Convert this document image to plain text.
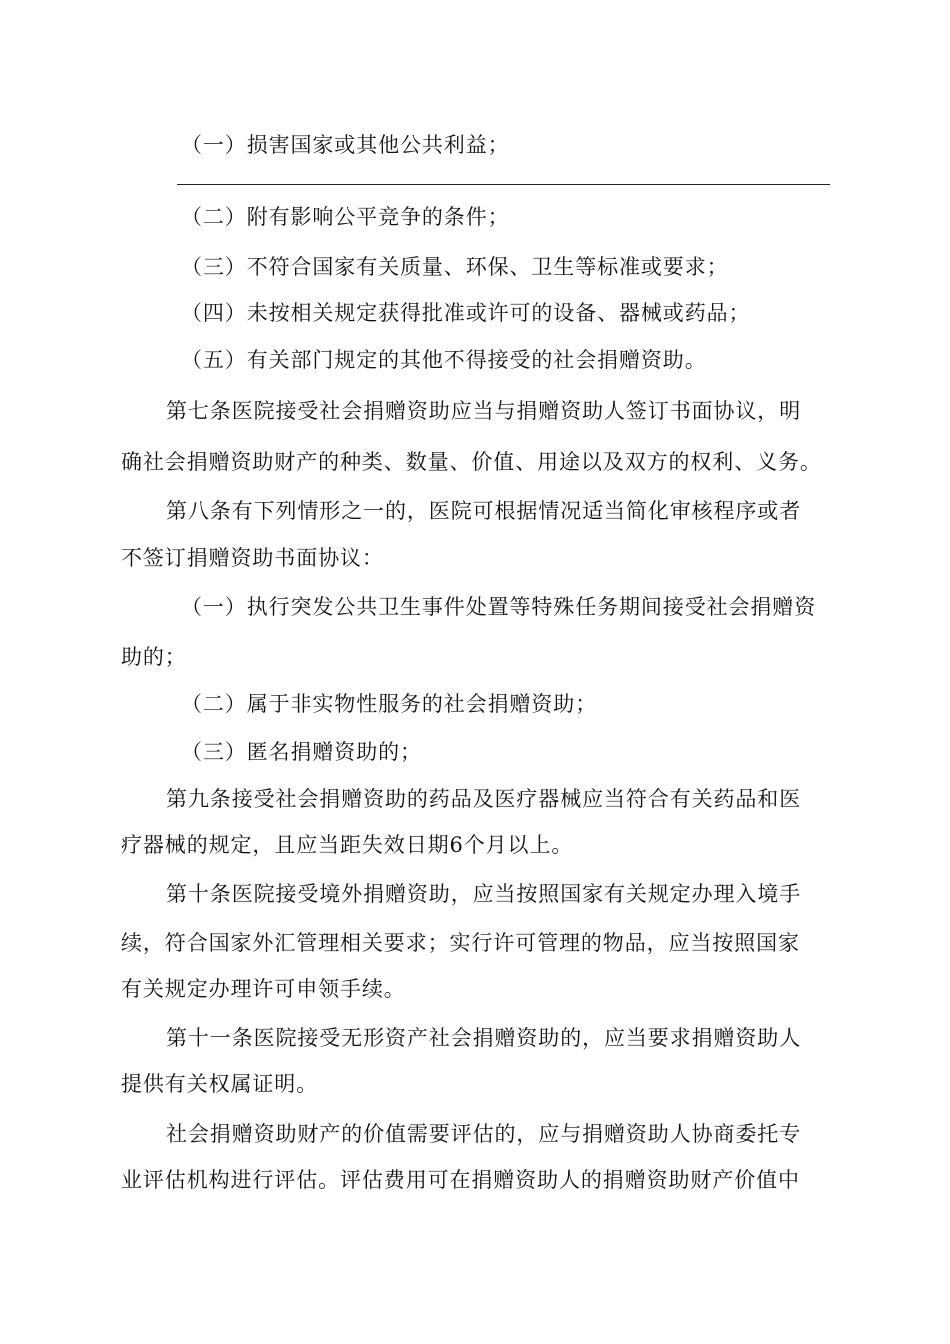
（一）损害国家或其他公共利益；
（二）附有影响公平竞争的条件；
（三）不符合国家有关质量、环保、卫生等标准或要求；
（四）未按相关规定获得批准或许可的设备、器械或药品；
（五）有关部门规定的其他不得接受的社会捐赠资助。
第七条医院接受社会捐赠资助应当与捐赠资助人签订书面协议，明
确社会捐赠资助财产的种类、数量、价值、用途以及双方的权利、义务。
第八条有下列情形之一的，医院可根据情况适当简化审核程序或者
不签订捐赠资助书面协议：
（一）执行突发公共卫生事件处置等特殊任务期间接受社会捐赠资
助的；
（二）属于非实物性服务的社会捐赠资助；
（三）匿名捐赠资助的；
第九条接受社会捐赠资助的药品及医疗器械应当符合有关药品和医
疗器械的规定，且应当距失效日期6个月以上。
第十条医院接受境外捐赠资助，应当按照国家有关规定办理入境手
续，符合国家外汇管理相关要求；实行许可管理的物品，应当按照国家
有关规定办理许可申领手续。
第十一条医院接受无形资产社会捐赠资助的，应当要求捐赠资助人
提供有关权属证明。
社会捐赠资助财产的价值需要评估的，应与捐赠资助人协商委托专
业评估机构进行评估。评估费用可在捐赠资助人的捐赠资助财产价值中
